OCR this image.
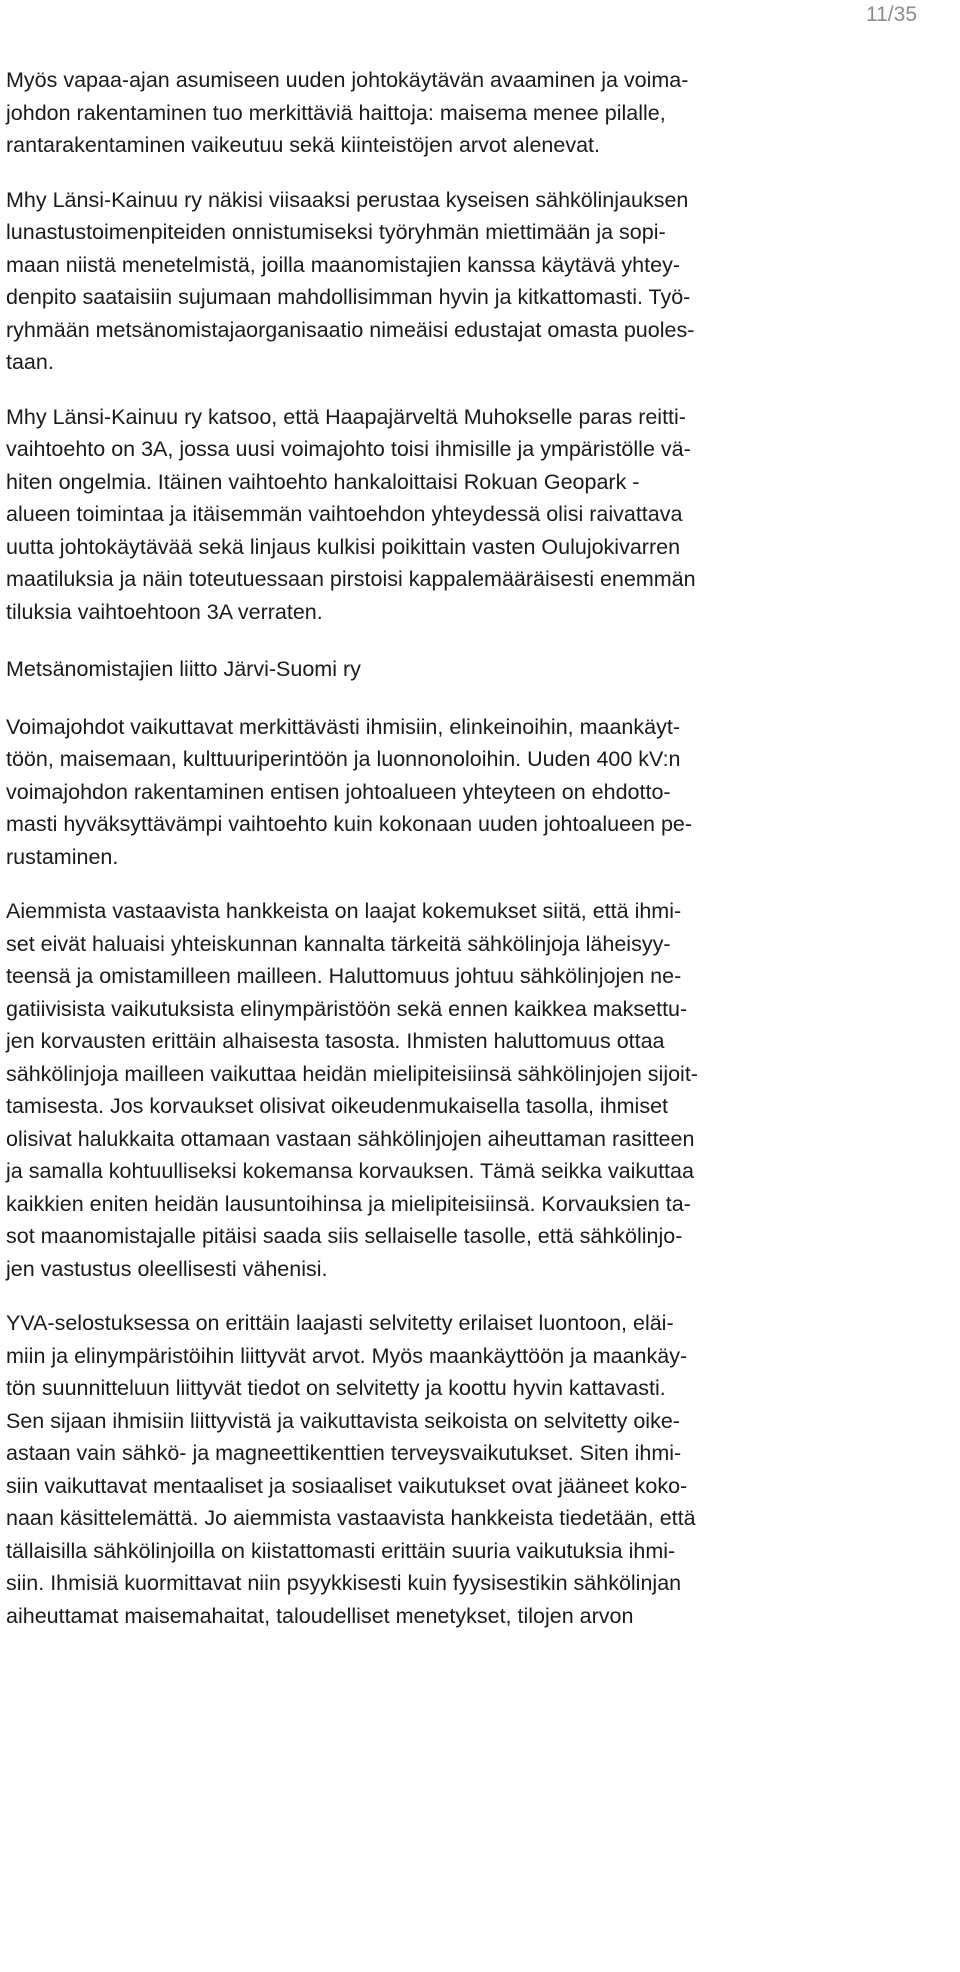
11/35

Myös vapaa-ajan asumiseen uuden johtokäytävän avaaminen ja voima-
johdon rakentaminen tuo merkittäviä haittoja: maisema menee pilalle,
rantarakentaminen vaikeutuu sekä kiinteistöjen arvot alenevat.

Mhy Länsi-Kainuu ry näkisi viisaaksi perustaa kyseisen sähkölinjauksen
lunastustoimenpiteiden onnistumiseksi työryhmän miettimään ja sopi-
maan niistä menetelmistä, joilla maanomistajien kanssa käytävä yhtey-
denpito saataisiin sujumaan mahdollisimman hyvin ja kitkattomasti. Työ-
ryhmään metsänomistajaorganisaatio nimeäisi edustajat omasta puoles-
taan.

Mhy Länsi-Kainuu ry katsoo, että Haapajärveltä Muhokselle paras reitti-
vaihtoehto on 3A, jossa uusi voimajohto toisi ihmisille ja ympäristölle vä-
hiten ongelmia. Itäinen vaihtoehto hankaloittaisi Rokuan Geopark -
alueen toimintaa ja itäisemmän vaihtoehdon yhteydessä olisi raivattava
uutta johtokäytävää sekä linjaus kulkisi poikittain vasten Oulujokivarren
maatiluksia ja näin toteutuessaan pirstoisi kappalemääräisesti enemmän
tiluksia vaihtoehtoon 3A verraten.

Metsänomistajien liitto Järvi-Suomi ry

Voimajohdot vaikuttavat merkittävästi ihmisiin, elinkeinoihin, maankäyt-
töön, maisemaan, kulttuuriperintöön ja luonnonoloihin. Uuden 400 kV:n
voimajohdon rakentaminen entisen johtoalueen yhteyteen on ehdotto-
masti hyväksyttävämpi vaihtoehto kuin kokonaan uuden johtoalueen pe-
rustaminen.

Aiemmista vastaavista hankkeista on laajat kokemukset siitä, että ihmi-
set eivät haluaisi yhteiskunnan kannalta tärkeitä sähkölinjoja läheisyy-
teensä ja omistamilleen mailleen. Haluttomuus johtuu sähkölinjojen ne-
gatiivisista vaikutuksista elinympäristöön sekä ennen kaikkea maksettu-
jen korvausten erittäin alhaisesta tasosta. Ihmisten haluttomuus ottaa
sähkölinjoja mailleen vaikuttaa heidän mielipiteisiinsä sähkölinjojen sijoit-
tamisesta. Jos korvaukset olisivat oikeudenmukaisella tasolla, ihmiset
olisivat halukkaita ottamaan vastaan sähkölinjojen aiheuttaman rasitteen
ja samalla kohtuulliseksi kokemansa korvauksen. Tämä seikka vaikuttaa
kaikkien eniten heidän lausuntoihinsa ja mielipiteisiinsä. Korvauksien ta-
sot maanomistajalle pitäisi saada siis sellaiselle tasolle, että sähkölinjo-
jen vastustus oleellisesti vähenisi.

YVA-selostuksessa on erittäin laajasti selvitetty erilaiset luontoon, eläi-
miin ja elinympäristöihin liittyvät arvot. Myös maankäyttöön ja maankäy-
tön suunnitteluun liittyvät tiedot on selvitetty ja koottu hyvin kattavasti.
Sen sijaan ihmisiin liittyvistä ja vaikuttavista seikoista on selvitetty oike-
astaan vain sähkö- ja magneettikenttien terveysvaikutukset. Siten ihmi-
siin vaikuttavat mentaaliset ja sosiaaliset vaikutukset ovat jääneet koko-
naan käsittelemättä. Jo aiemmista vastaavista hankkeista tiedetään, että
tällaisilla sähkölinjoilla on kiistattomasti erittäin suuria vaikutuksia ihmi-
siin. Ihmisiä kuormittavat niin psyykkisesti kuin fyysisestikin sähkölinjan
aiheuttamat maisemahaitat, taloudelliset menetykset, tilojen arvon
